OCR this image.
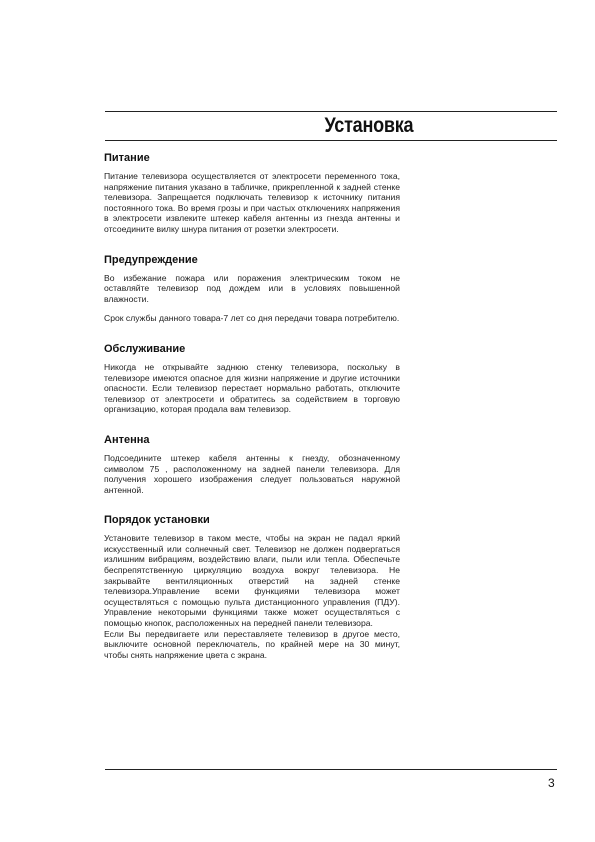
Установка
Питание

Питание телевизора осуществляется от электросети переменного тока, напряжение питания указано в табличке, прикрепленной к задней стенке телевизора. Запрещается подключать телевизор к источнику питания постоянного тока. Во время грозы и при частых отключениях напряжения в электросети извлеките штекер кабеля антенны из гнезда антенны и отсоедините вилку шнура питания от розетки электросети.

Предупреждение

Во избежание пожара или поражения электрическим током не оставляйте телевизор под дождем или в условиях повышенной влажности.

Срок службы данного товара-7 лет со дня передачи товара потребителю.

Обслуживание

Никогда не открывайте заднюю стенку телевизора, поскольку в телевизоре имеются опасное для жизни напряжение и другие источники опасности. Если телевизор перестает нормально работать, отключите телевизор от электросети и обратитесь за содействием в торговую организацию, которая продала вам телевизор.

Антенна

Подсоедините штекер кабеля антенны к гнезду, обозначенному символом 75 , расположенному на задней панели телевизора. Для получения хорошего изображения следует пользоваться наружной антенной.

Порядок установки

Установите телевизор в таком месте, чтобы на экран не падал яркий искусственный или солнечный свет. Телевизор не должен подвергаться излишним вибрациям, воздействию влаги, пыли или тепла. Обеспечьте беспрепятственную циркуляцию воздуха вокруг телевизора. Не закрывайте вентиляционных отверстий на задней стенке телевизора.Управление всеми функциями телевизора может осуществляться с помощью пульта дистанционного управления (ПДУ). Управление некоторыми функциями также может осуществляться с помощью кнопок, расположенных на передней панели телевизора.

Если Вы передвигаете или переставляете телевизор в другое место, выключите основной переключатель, по крайней мере на 30 минут, чтобы снять напряжение цвета с экрана.

3
